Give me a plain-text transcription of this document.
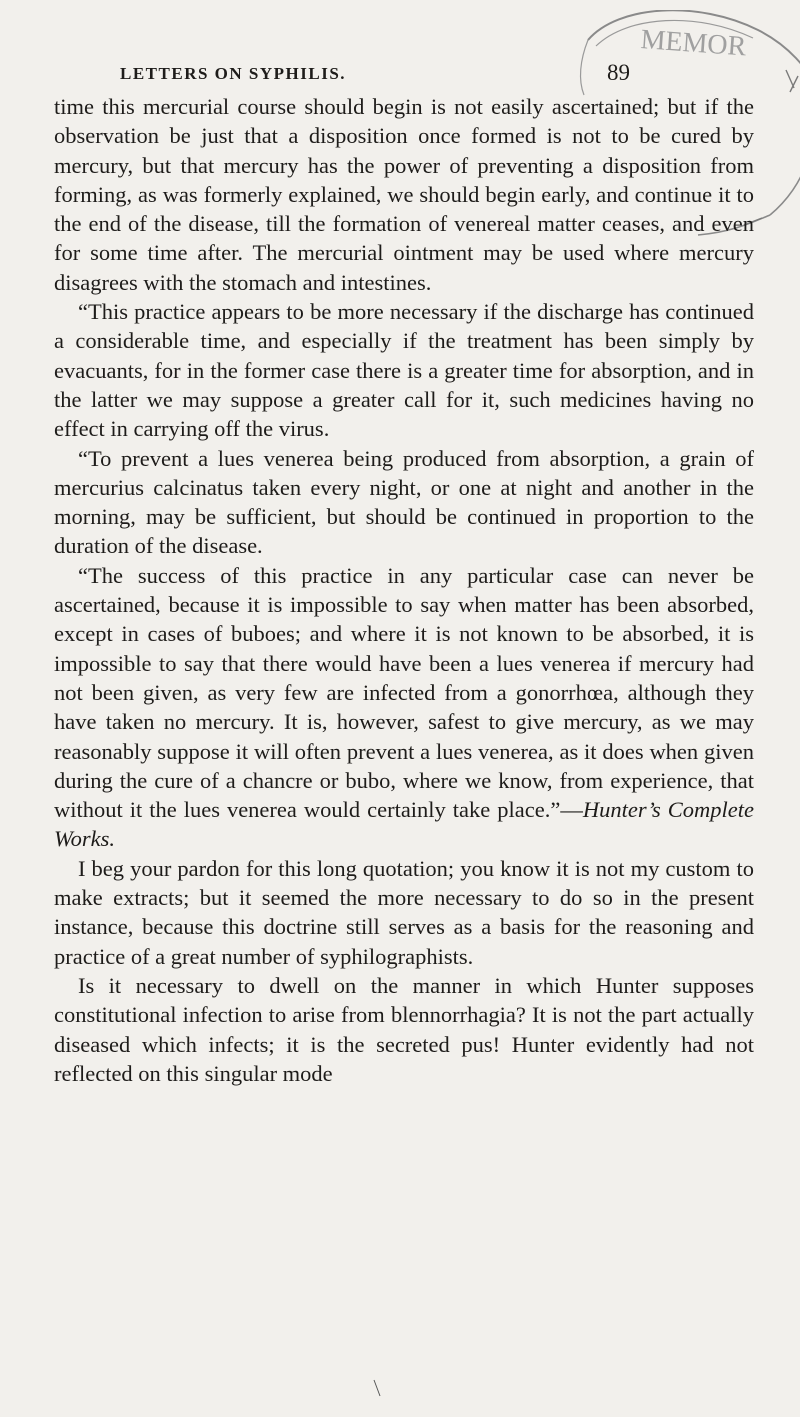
MEMOR
LETTERS ON SYPHILIS.	89

time this mercurial course should begin is not easily ascertained; but if the observation be just that a disposition once formed is not to be cured by mercury, but that mercury has the power of preventing a disposition from forming, as was formerly explained, we should begin early, and continue it to the end of the disease, till the formation of venereal matter ceases, and even for some time after. The mercurial ointment may be used where mercury disagrees with the stomach and intestines.

“This practice appears to be more necessary if the discharge has continued a considerable time, and especially if the treatment has been simply by evacuants, for in the former case there is a greater time for absorption, and in the latter we may suppose a greater call for it, such medicines having no effect in carrying off the virus.

“To prevent a lues venerea being produced from absorption, a grain of mercurius calcinatus taken every night, or one at night and another in the morning, may be sufficient, but should be continued in proportion to the duration of the disease.

“The success of this practice in any particular case can never be ascertained, because it is impossible to say when matter has been absorbed, except in cases of buboes; and where it is not known to be absorbed, it is impossible to say that there would have been a lues venerea if mercury had not been given, as very few are infected from a gonorrhœa, although they have taken no mercury. It is, however, safest to give mercury, as we may reasonably suppose it will often prevent a lues venerea, as it does when given during the cure of a chancre or bubo, where we know, from experience, that without it the lues venerea would certainly take place.”—Hunter’s Complete Works.

I beg your pardon for this long quotation; you know it is not my custom to make extracts; but it seemed the more necessary to do so in the present instance, because this doctrine still serves as a basis for the reasoning and practice of a great number of syphilographists.

Is it necessary to dwell on the manner in which Hunter supposes constitutional infection to arise from blennorrhagia? It is not the part actually diseased which infects; it is the secreted pus! Hunter evidently had not reflected on this singular mode
